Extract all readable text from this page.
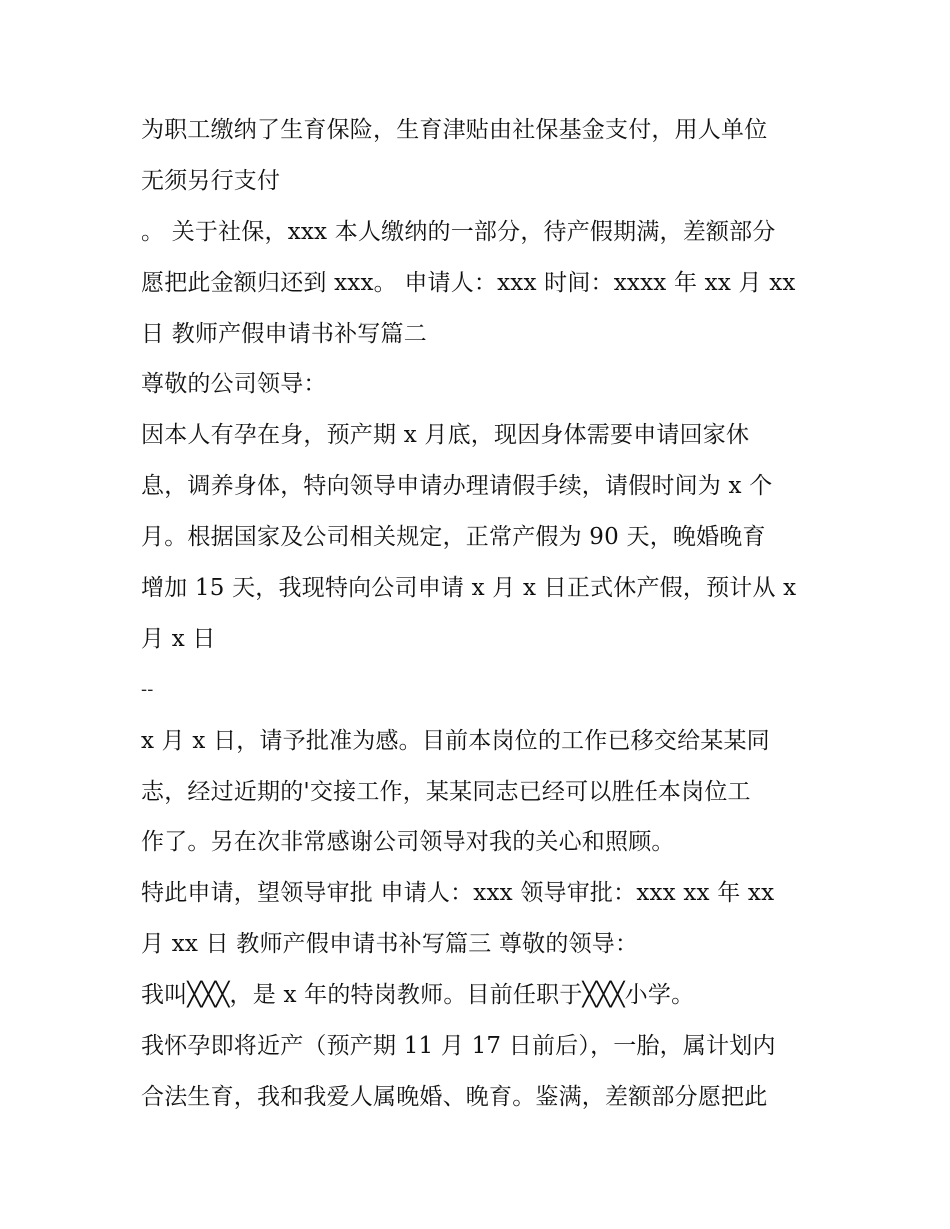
为职工缴纳了生育保险，生育津贴由社保基金支付，用人单位
无须另行支付
。 关于社保，xxx 本人缴纳的一部分，待产假期满，差额部分
愿把此金额归还到 xxx。 申请人：xxx 时间：xxxx 年 xx 月 xx
日 教师产假申请书补写篇二
尊敬的公司领导：
因本人有孕在身，预产期 x 月底，现因身体需要申请回家休
息，调养身体，特向领导申请办理请假手续，请假时间为 x 个
月。根据国家及公司相关规定，正常产假为 90 天，晚婚晚育
增加 15 天，我现特向公司申请 x 月 x 日正式休产假，预计从 x
月 x 日
--
x 月 x 日，请予批准为感。目前本岗位的工作已移交给某某同
志，经过近期的'交接工作，某某同志已经可以胜任本岗位工
作了。另在次非常感谢公司领导对我的关心和照顾。
特此申请，望领导审批 申请人：xxx 领导审批：xxx xx 年 xx
月 xx 日 教师产假申请书补写篇三 尊敬的领导：
我叫╳╳╳，是 x 年的特岗教师。目前任职于╳╳╳小学。
我怀孕即将近产（预产期 11 月 17 日前后），一胎，属计划内
合法生育，我和我爱人属晚婚、晚育。鉴满，差额部分愿把此
